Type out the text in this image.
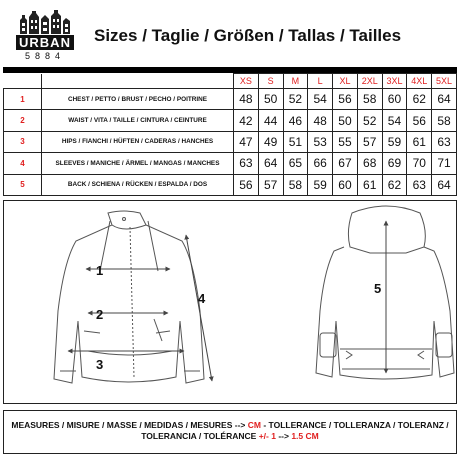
URBAN
5884
Sizes / Taglie / Größen / Tallas / Tailles
		XS	S	M	L	XL	2XL	3XL	4XL	5XL
1	CHEST / PETTO / BRUST / PECHO / POITRINE	48	50	52	54	56	58	60	62	64
2	WAIST / VITA / TAILLE / CINTURA / CEINTURE	42	44	46	48	50	52	54	56	58
3	HIPS / FIANCHI / HÜFTEN / CADERAS / HANCHES	47	49	51	53	55	57	59	61	63
4	SLEEVES / MANICHE / ÄRMEL / MANGAS / MANCHES	63	64	65	66	67	68	69	70	71
5	BACK / SCHIENA / RÜCKEN / ESPALDA / DOS	56	57	58	59	60	61	62	63	64
1
2
3
4
5
MEASURES / MISURE / MASSE / MEDIDAS / MESURES --> CM - TOLLERANCE / TOLLERANZA / TOLERANZ /
TOLERANCIA / TOLÉRANCE +/- 1 --> 1.5 CM
